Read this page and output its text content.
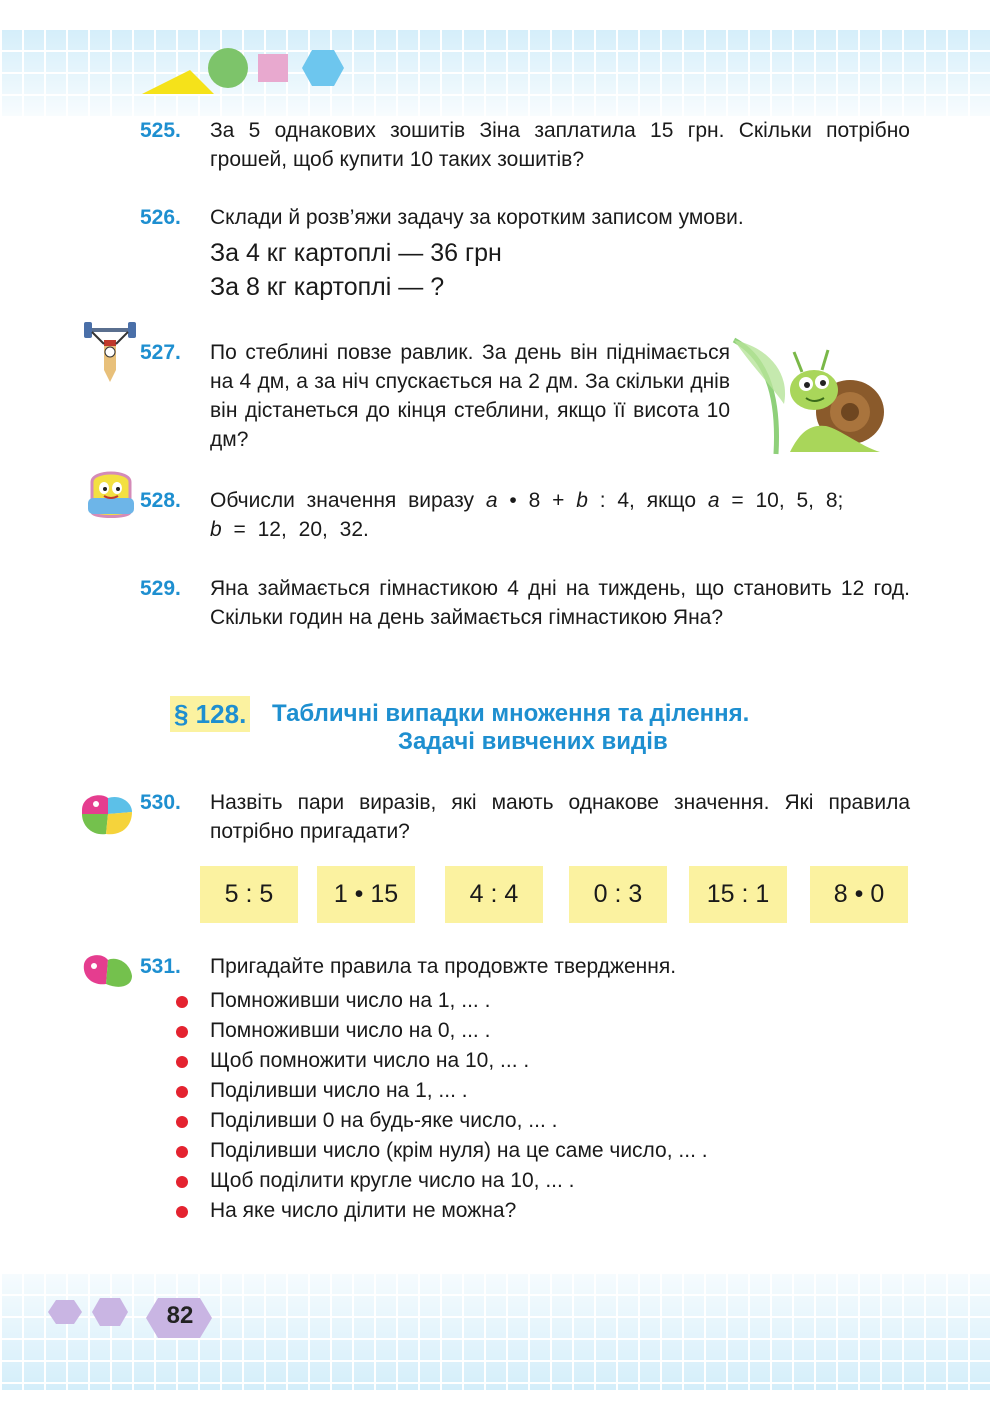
525. За 5 однакових зошитів Зіна заплатила 15 грн. Скільки потрібно грошей, щоб купити 10 таких зошитів?
526. Склади й розв’яжи задачу за коротким записом умови.
За 4 кг картоплі — 36 грн
За 8 кг картоплі — ?
527. По стеблині повзе равлик. За день він піднімається на 4 дм, а за ніч спускається на 2 дм. За скільки днів він дістанеться до кінця стеблини, якщо її висота 10 дм?
528. Обчисли значення виразу a • 8 + b : 4, якщо a = 10, 5, 8;
b = 12, 20, 32.
529. Яна займається гімнастикою 4 дні на тиждень, що становить 12 год. Скільки годин на день займається гімнастикою Яна?
§ 128. Табличні випадки множення та ділення.
Задачі вивчених видів
530. Назвіть пари виразів, які мають однакове значення. Які правила потрібно пригадати?
5 : 5	1 • 15	4 : 4	0 : 3	15 : 1	8 • 0
531. Пригадайте правила та продовжте твердження.
Помноживши число на 1, ... .
Помноживши число на 0, ... .
Щоб помножити число на 10, ... .
Поділивши число на 1, ... .
Поділивши 0 на будь-яке число, ... .
Поділивши число (крім нуля) на це саме число, ... .
Щоб поділити кругле число на 10, ... .
На яке число ділити не можна?
82
